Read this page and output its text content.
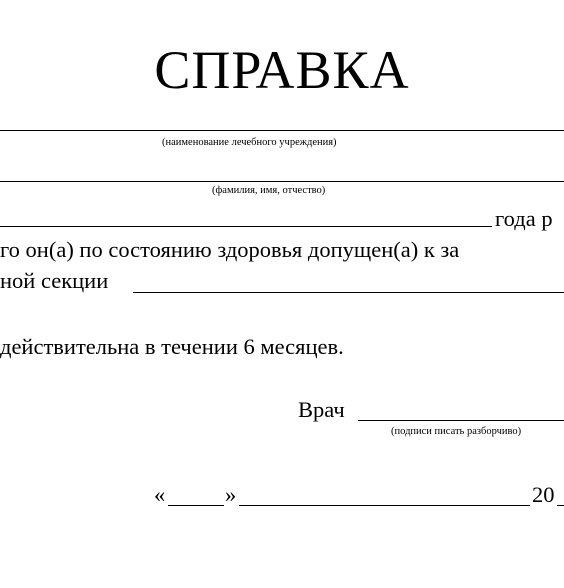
СПРАВКА
(наименование лечебного учреждения)
(фамилия, имя, отчество)
года р
го он(а) по состоянию здоровья допущен(а) к за
ной секции
действительна в течении 6 месяцев.
Врач
(подписи писать разборчиво)
«	»	20
